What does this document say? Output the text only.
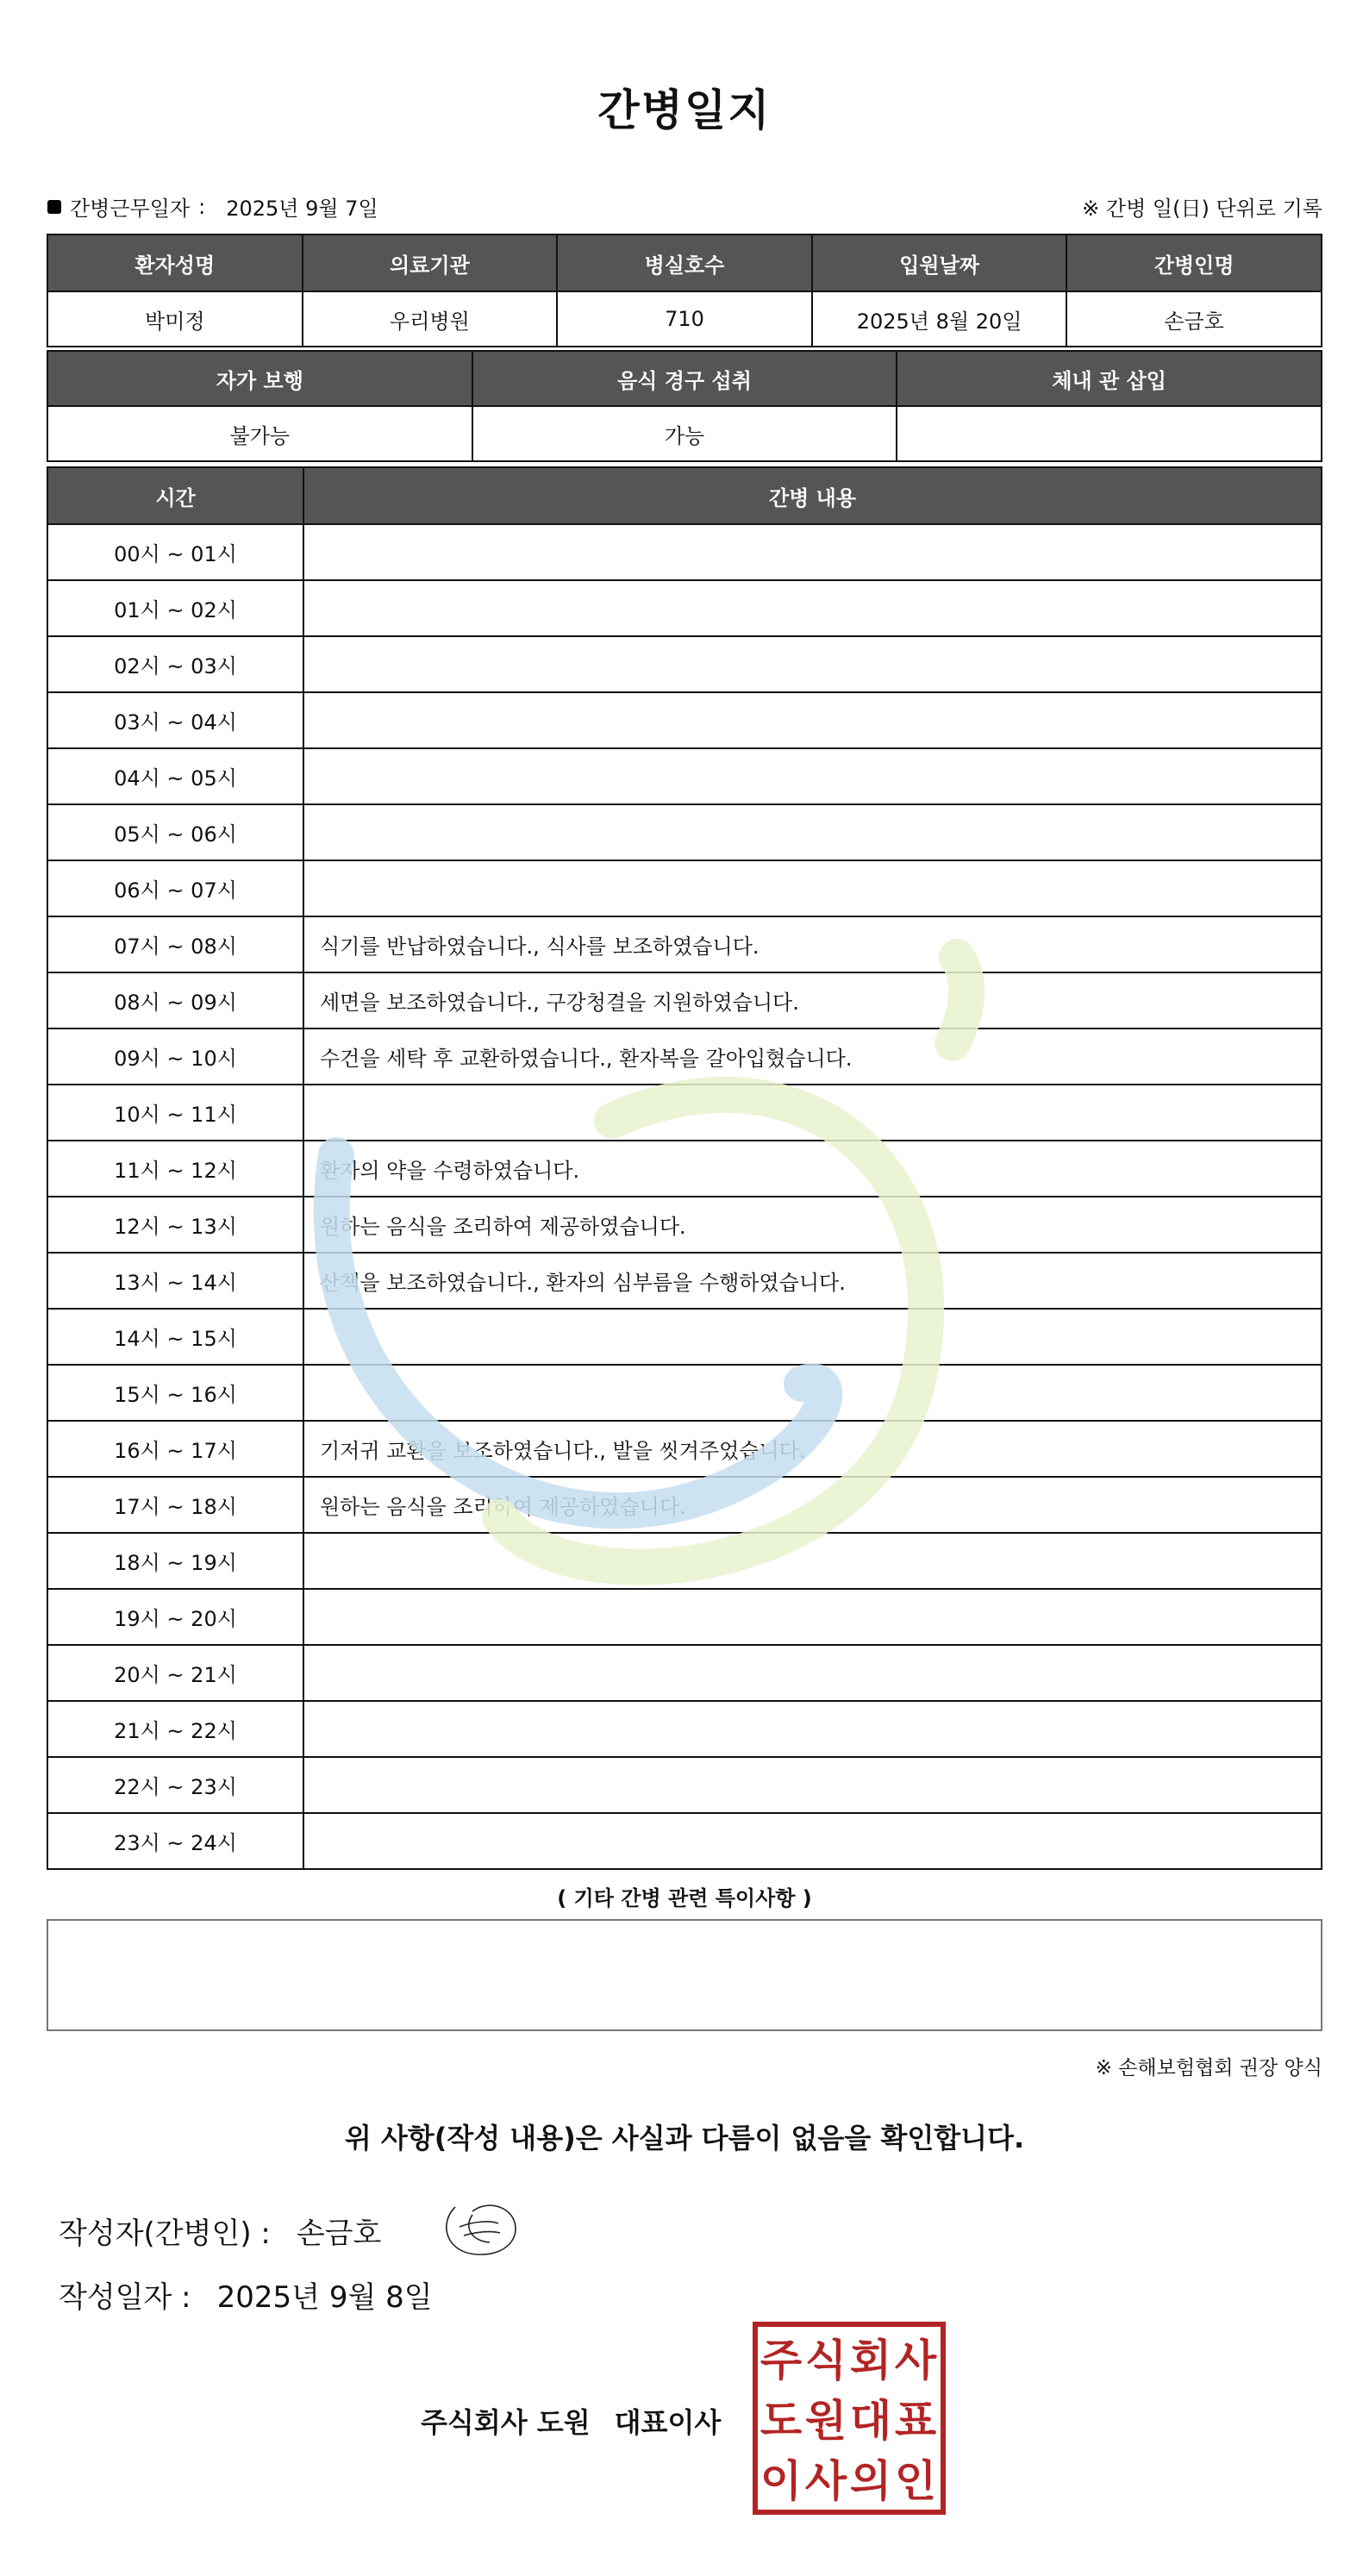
간병일지
간병근무일자 : 2025년 9월 7일	※ 간병 일(日) 단위로 기록
환자성명	의료기관	병실호수	입원날짜	간병인명
박미정	우리병원	710	2025년 8월 20일	손금호
자가 보행	음식 경구 섭취	체내 관 삽입
불가능	가능	
시간	간병 내용
00시 ~ 01시	
01시 ~ 02시	
02시 ~ 03시	
03시 ~ 04시	
04시 ~ 05시	
05시 ~ 06시	
06시 ~ 07시	
07시 ~ 08시	식기를 반납하였습니다., 식사를 보조하였습니다.
08시 ~ 09시	세면을 보조하였습니다., 구강청결을 지원하였습니다.
09시 ~ 10시	수건을 세탁 후 교환하였습니다., 환자복을 갈아입혔습니다.
10시 ~ 11시	
11시 ~ 12시	환자의 약을 수령하였습니다.
12시 ~ 13시	원하는 음식을 조리하여 제공하였습니다.
13시 ~ 14시	산책을 보조하였습니다., 환자의 심부름을 수행하였습니다.
14시 ~ 15시	
15시 ~ 16시	
16시 ~ 17시	기저귀 교환을 보조하였습니다., 발을 씻겨주었습니다.
17시 ~ 18시	원하는 음식을 조리하여 제공하였습니다.
18시 ~ 19시	
19시 ~ 20시	
20시 ~ 21시	
21시 ~ 22시	
22시 ~ 23시	
23시 ~ 24시	
( 기타 간병 관련 특이사항 )
※ 손해보험협회 권장 양식
위 사항(작성 내용)은 사실과 다름이 없음을 확인합니다.
작성자(간병인) : 손금호
작성일자 : 2025년 9월 8일
주식회사 도원 대표이사
주 식 회 사
도 원 대 표
이 사 의 인
